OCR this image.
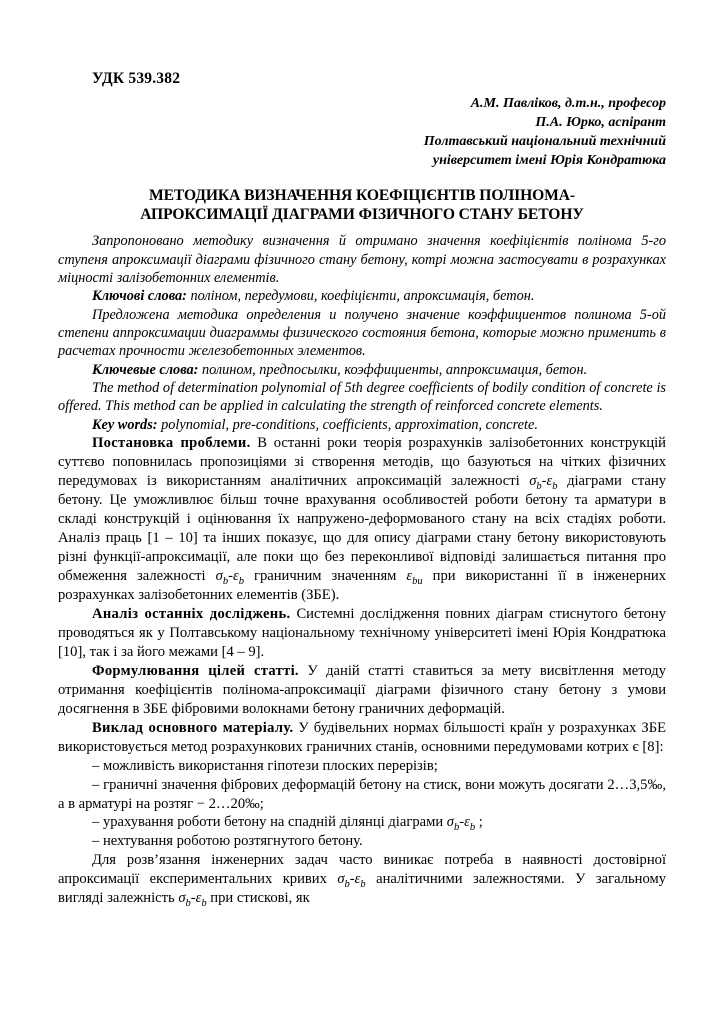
УДК 539.382
А.М. Павліков, д.т.н., професор
П.А. Юрко, аспірант
Полтавський національний технічний
університет імені Юрія Кондратюка
МЕТОДИКА ВИЗНАЧЕННЯ КОЕФІЦІЄНТІВ ПОЛІНОМА-
АПРОКСИМАЦІЇ ДІАГРАМИ ФІЗИЧНОГО СТАНУ БЕТОНУ

Запропоновано методику визначення й отримано значення коефіцієнтів полінома 5-го ступеня апроксимації діаграми фізичного стану бетону, котрі можна застосувати в розрахунках міцності залізобетонних елементів.

Ключові слова: поліном, передумови, коефіцієнти, апроксимація, бетон.

Предложена методика определения и получено значение коэффициентов полинома 5-ой степени аппроксимации диаграммы физического состояния бетона, которые можно применить в расчетах прочности железобетонных элементов.

Ключевые слова: полином, предпосылки, коэффициенты, аппроксимация, бетон.

The method of determination polynomial of 5th degree coefficients of bodily condition of concrete is offered. This method can be applied in calculating the strength of reinforced concrete elements.

Key words: polynomial, pre-conditions, coefficients, approximation, concrete.

Постановка проблеми. В останні роки теорія розрахунків залізобетонних конструкцій суттєво поповнилась пропозиціями зі створення методів, що базуються на чітких фізичних передумовах із використанням аналітичних апроксимацій залежності $\sigma_b-\varepsilon_b$ діаграми стану бетону. Це уможливлює більш точне врахування особливостей роботи бетону та арматури в складі конструкцій і оцінювання їх напружено-деформованого стану на всіх стадіях роботи. Аналіз праць [1 – 10] та інших показує, що для опису діаграми стану бетону використовують різні функції-апроксимації, але поки що без переконливої відповіді залишається питання про обмеження залежності $\sigma_b-\varepsilon_b$ граничним значенням $\varepsilon_{bu}$ при використанні її в інженерних розрахунках залізобетонних елементів (ЗБЕ).

Аналіз останніх досліджень. Системні дослідження повних діаграм стиснутого бетону проводяться як у Полтавському національному технічному університеті імені Юрія Кондратюка [10], так і за його межами [4 – 9].

Формулювання цілей статті. У даній статті ставиться за мету висвітлення методу отримання коефіцієнтів полінома-апроксимації діаграми фізичного стану бетону з умови досягнення в ЗБЕ фібровими волокнами бетону граничних деформацій.

Виклад основного матеріалу. У будівельних нормах більшості країн у розрахунках ЗБЕ використовується метод розрахункових граничних станів, основними передумовами котрих є [8]:

– можливість використання гіпотези плоских перерізів;

– граничні значення фібрових деформацій бетону на стиск, вони можуть досягати 2…3,5‰, а в арматурі на розтяг − 2…20‰;

– урахування роботи бетону на спадній ділянці діаграми $\sigma_b-\varepsilon_b$ ;

– нехтування роботою розтягнутого бетону.

Для розв’язання інженерних задач часто виникає потреба в наявності достовірної апроксимації експериментальних кривих $\sigma_b-\varepsilon_b$ аналітичними залежностями. У загальному вигляді залежність $\sigma_b-\varepsilon_b$ при стискові, як
